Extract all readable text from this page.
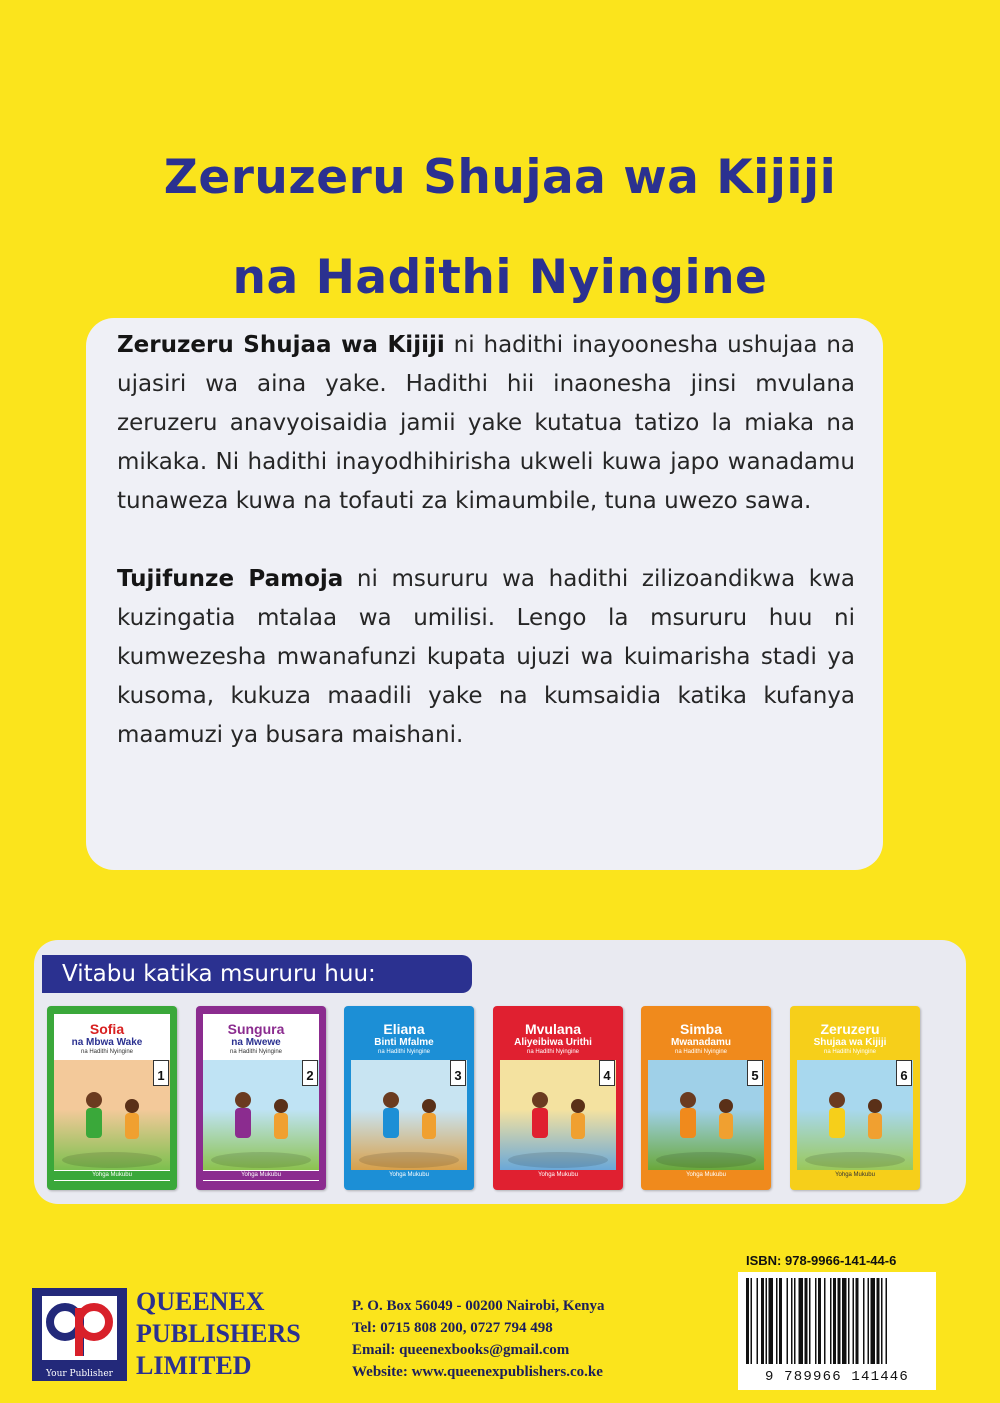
Zeruzeru Shujaa wa Kijiji
na Hadithi Nyingine

Zeruzeru Shujaa wa Kijiji ni hadithi inayoonesha ushujaa na ujasiri wa aina yake. Hadithi hii inaonesha jinsi mvulana zeruzeru anavyoisaidia jamii yake kutatua tatizo la miaka na mikaka. Ni hadithi inayodhihirisha ukweli kuwa japo wanadamu tunaweza kuwa na tofauti za kimaumbile, tuna uwezo sawa.

Tujifunze Pamoja ni msururu wa hadithi zilizoandikwa kwa kuzingatia mtalaa wa umilisi. Lengo la msururu huu ni kumwezesha mwanafunzi kupata ujuzi wa kuimarisha stadi ya kusoma, kukuza maadili yake na kumsaidia katika kufanya maamuzi ya busara maishani.

Vitabu katika msururu huu:
Sofia
na Mbwa Wake
na Hadithi Nyingine
1
Yohga Mukubu
Sungura
na Mwewe
na Hadithi Nyingine
2
Yohga Mukubu
Eliana
Binti Mfalme
na Hadithi Nyingine
3
Yohga Mukubu
Mvulana
Aliyeibiwa Urithi
na Hadithi Nyingine
4
Yohga Mukubu
Simba
Mwanadamu
na Hadithi Nyingine
5
Yohga Mukubu
Zeruzeru
Shujaa wa Kijiji
na Hadithi Nyingine
6
Yohga Mukubu
ISBN: 978-9966-141-44-6
9 789966 141446
Your Publisher
QUEENEX
PUBLISHERS
LIMITED
P. O. Box 56049 - 00200 Nairobi, Kenya
Tel: 0715 808 200, 0727 794 498
Email: queenexbooks@gmail.com
Website: www.queenexpublishers.co.ke
